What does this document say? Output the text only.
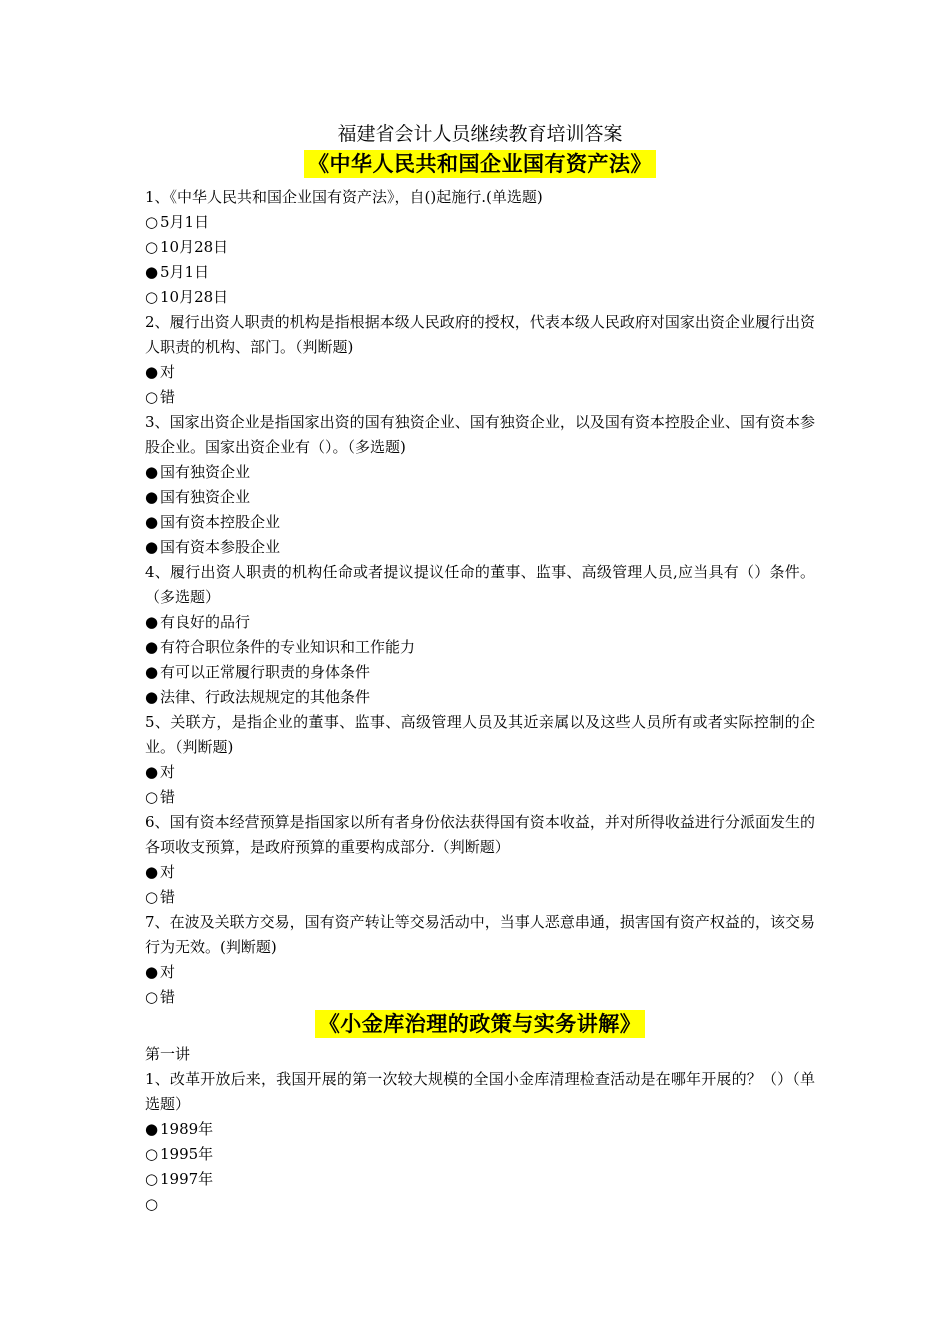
福建省会计人员继续教育培训答案
《中华人民共和国企业国有资产法》
1、《中华人民共和国企业国有资产法》，自()起施行.(单选题)
○ 5月1日
○ 10月28日
● 5月1日
○ 10月28日
2、履行出资人职责的机构是指根据本级人民政府的授权，代表本级人民政府对国家出资企业履行出资人职责的机构、部门。（判断题)
● 对
○ 错
3、国家出资企业是指国家出资的国有独资企业、国有独资企业，以及国有资本控股企业、国有资本参股企业。国家出资企业有（）。（多选题)
● 国有独资企业
● 国有独资企业
● 国有资本控股企业
● 国有资本参股企业
4、履行出资人职责的机构任命或者提议提议任命的董事、监事、高级管理人员,应当具有（）条件。（多选题）
● 有良好的品行
● 有符合职位条件的专业知识和工作能力
● 有可以正常履行职责的身体条件
● 法律、行政法规规定的其他条件
5、关联方，是指企业的董事、监事、高级管理人员及其近亲属以及这些人员所有或者实际控制的企业。（判断题)
● 对
○ 错
6、国有资本经营预算是指国家以所有者身份依法获得国有资本收益，并对所得收益进行分派面发生的各项收支预算，是政府预算的重要构成部分.（判断题）
● 对
○ 错
7、在波及关联方交易，国有资产转让等交易活动中，当事人恶意串通，损害国有资产权益的，该交易行为无效。(判断题)
● 对
○ 错
《小金库治理的政策与实务讲解》
第一讲
1、改革开放后来，我国开展的第一次较大规模的全国小金库清理检查活动是在哪年开展的？（）（单选题）
● 1989年
○ 1995年
○ 1997年
○
